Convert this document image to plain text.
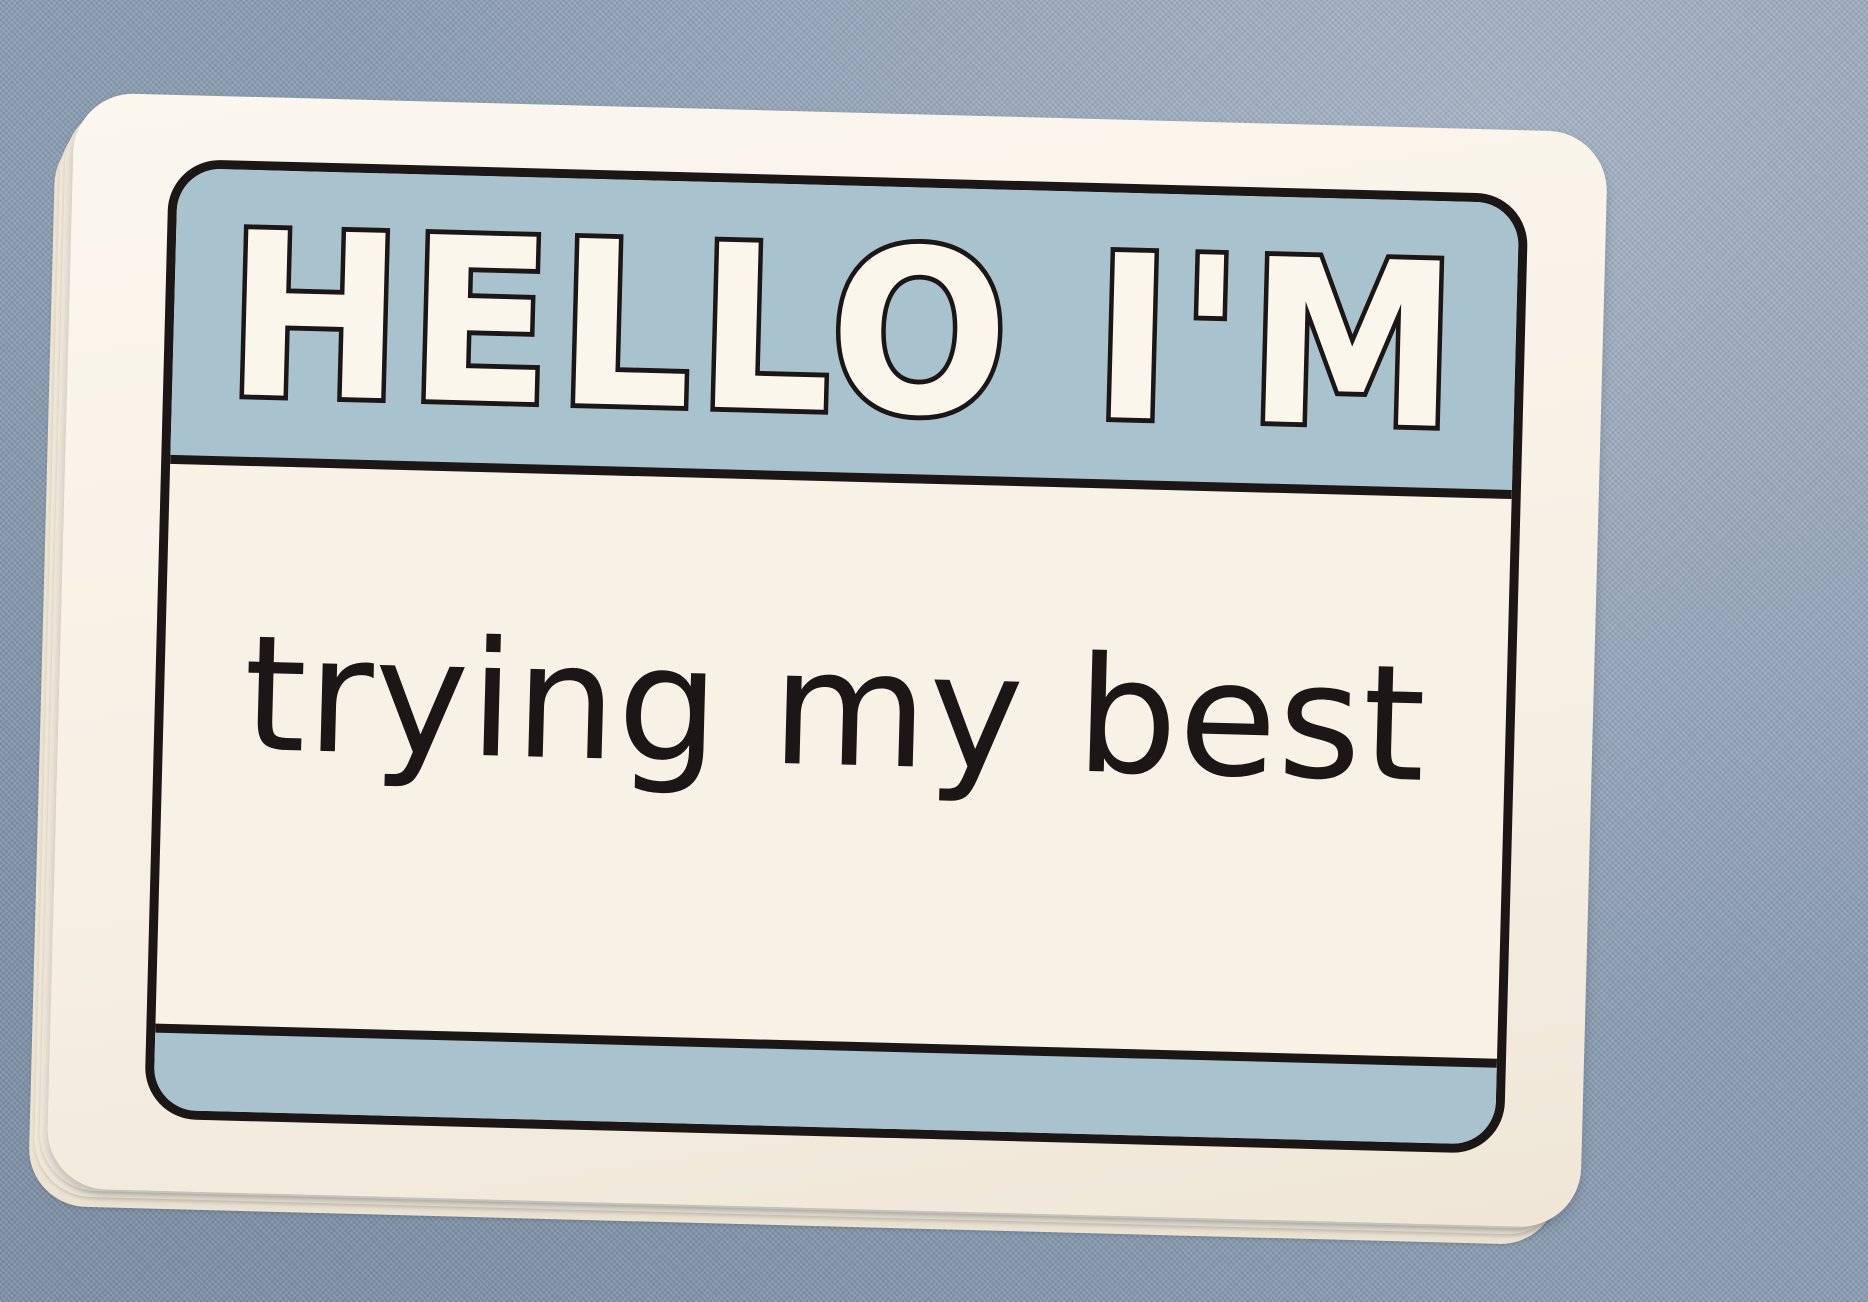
HELLO I'M
trying my best
